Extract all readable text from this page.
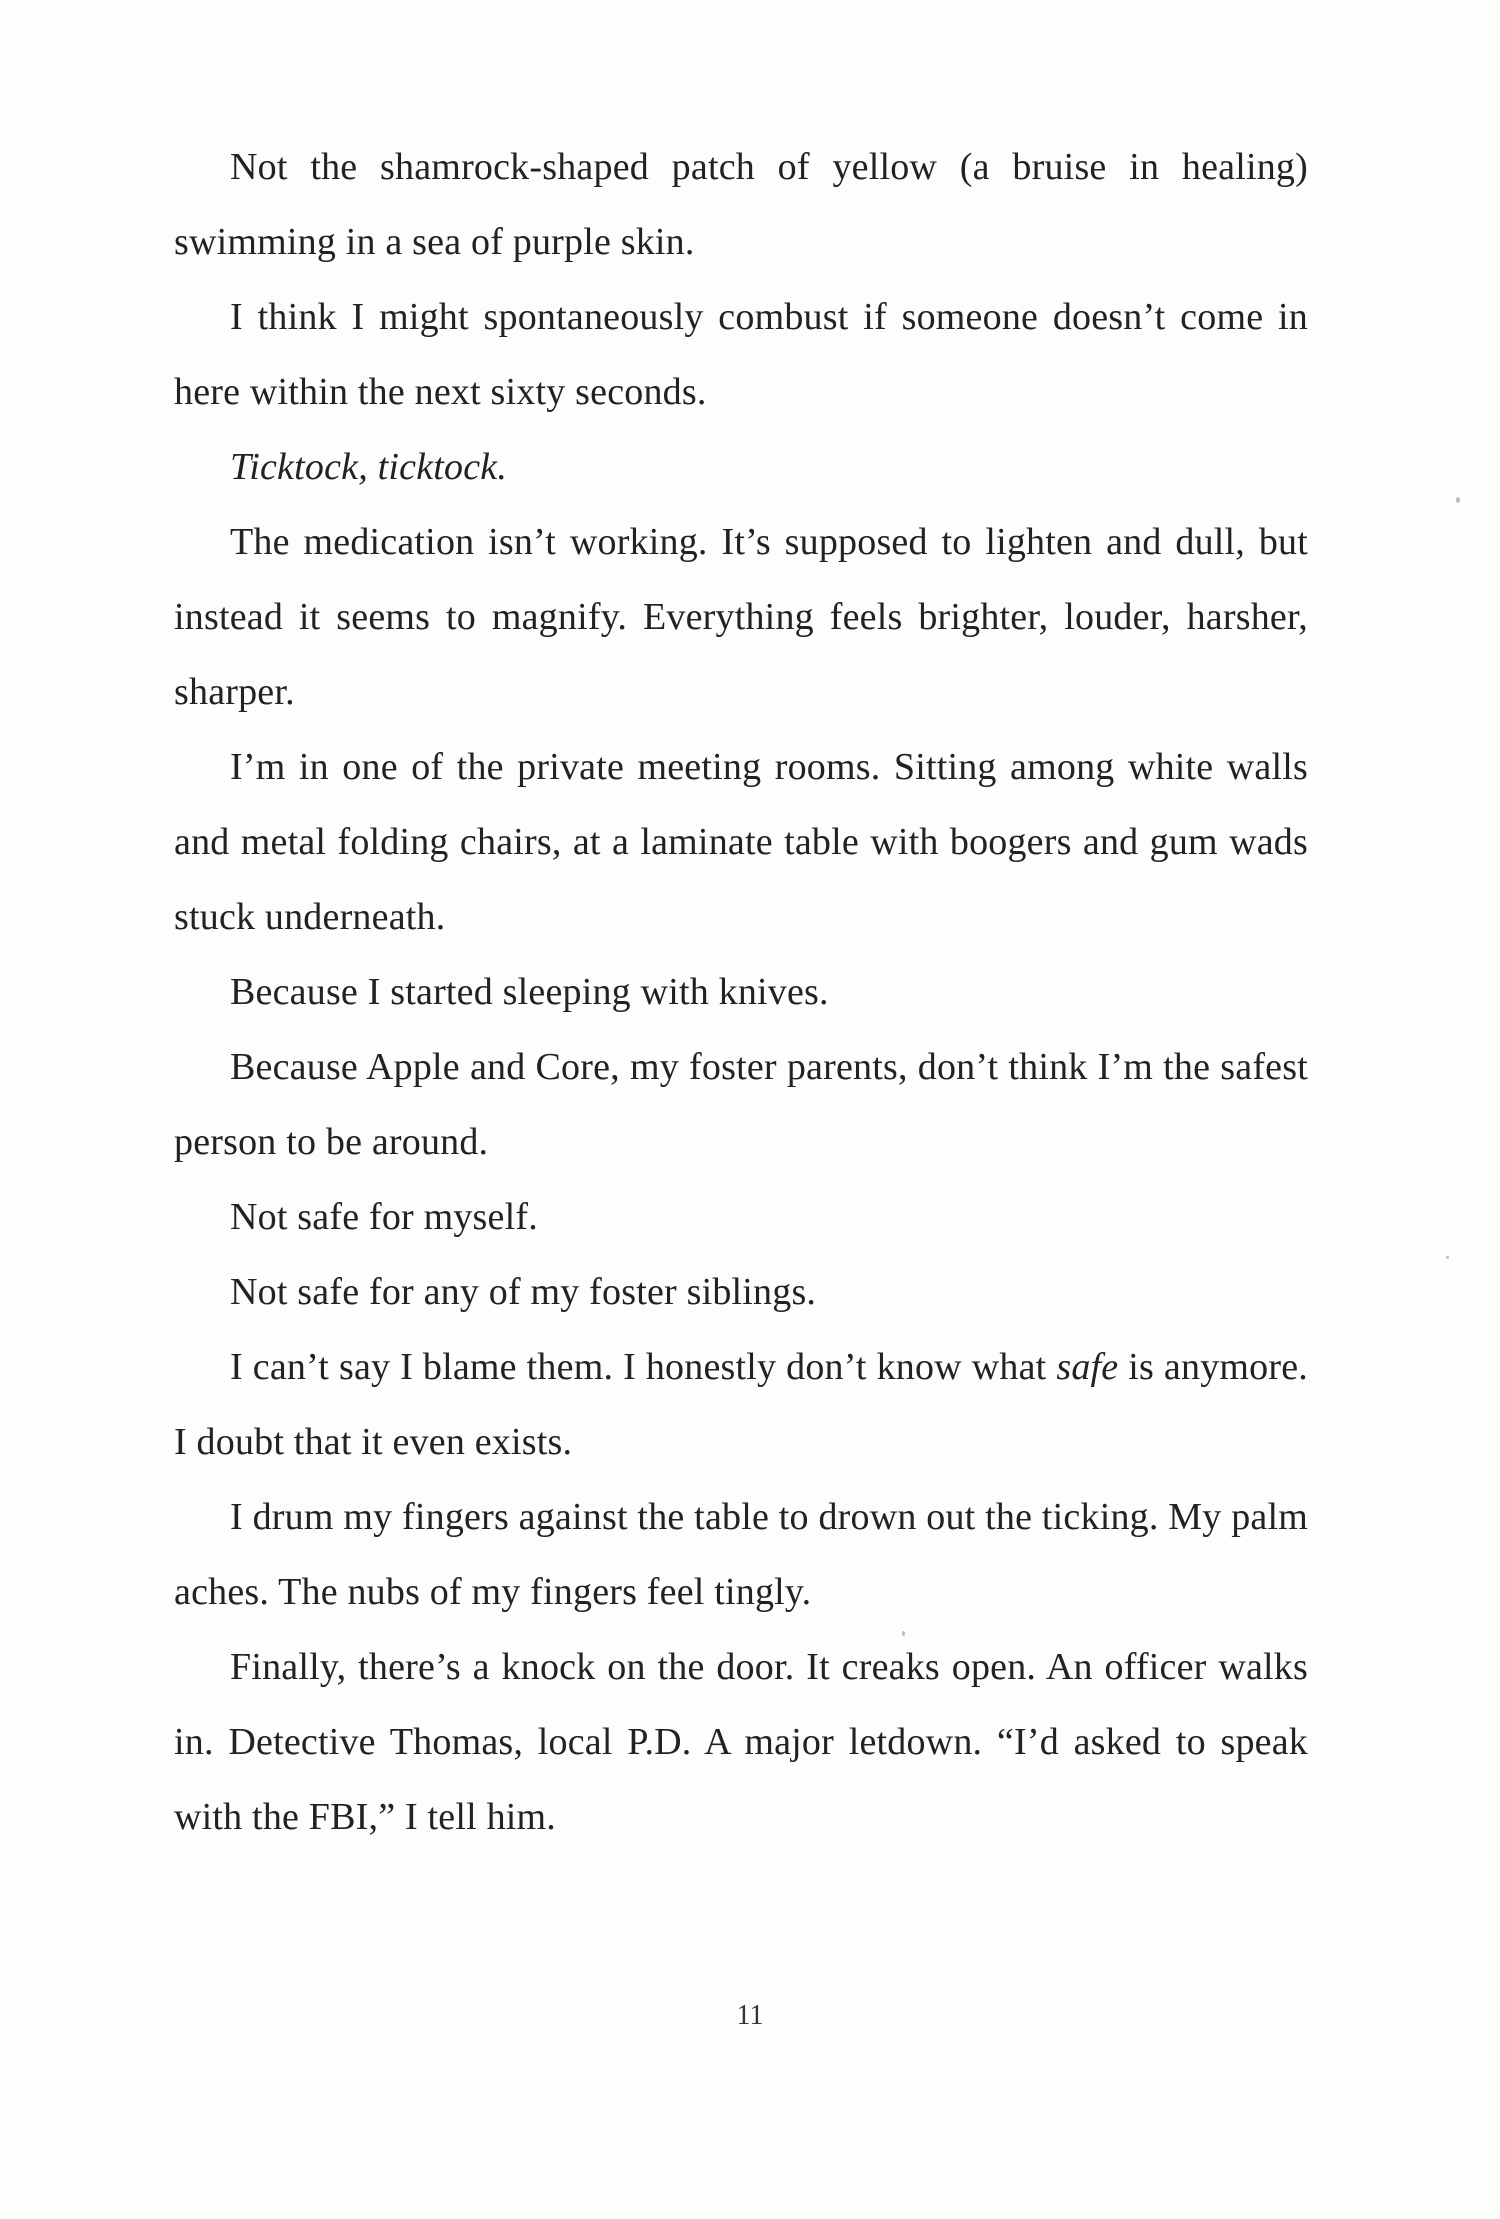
Not the shamrock-shaped patch of yellow (a bruise in healing) swimming in a sea of purple skin.

I think I might spontaneously combust if someone doesn’t come in here within the next sixty seconds.

Ticktock, ticktock.

The medication isn’t working. It’s supposed to lighten and dull, but instead it seems to magnify. Everything feels brighter, louder, harsher, sharper.

I’m in one of the private meeting rooms. Sitting among white walls and metal folding chairs, at a laminate table with boogers and gum wads stuck underneath.

Because I started sleeping with knives.

Because Apple and Core, my foster parents, don’t think I’m the safest person to be around.

Not safe for myself.

Not safe for any of my foster siblings.

I can’t say I blame them. I honestly don’t know what safe is anymore. I doubt that it even exists.

I drum my fingers against the table to drown out the ticking. My palm aches. The nubs of my fingers feel tingly.

Finally, there’s a knock on the door. It creaks open. An officer walks in. Detective Thomas, local P.D. A major letdown. “I’d asked to speak with the FBI,” I tell him.

11
